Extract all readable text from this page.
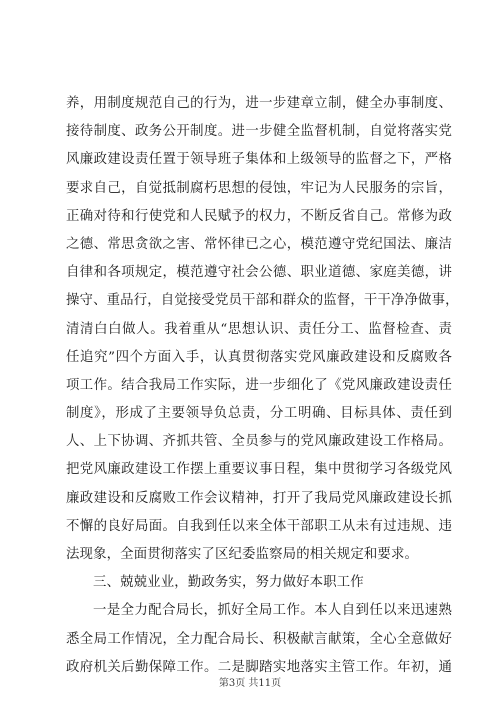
养，用制度规范自己的行为，进一步建章立制，健全办事制度、
接待制度、政务公开制度。进一步健全监督机制，自觉将落实党
风廉政建设责任置于领导班子集体和上级领导的监督之下，严格
要求自己，自觉抵制腐朽思想的侵蚀，牢记为人民服务的宗旨，
正确对待和行使党和人民赋予的权力，不断反省自己。常修为政
之德、常思贪欲之害、常怀律已之心，模范遵守党纪国法、廉洁
自律和各项规定，模范遵守社会公德、职业道德、家庭美德，讲
操守、重品行，自觉接受党员干部和群众的监督，干干净净做事，
清清白白做人。我着重从“思想认识、责任分工、监督检查、责
任追究”四个方面入手，认真贯彻落实党风廉政建设和反腐败各
项工作。结合我局工作实际，进一步细化了《党风廉政建设责任
制度》，形成了主要领导负总责，分工明确、目标具体、责任到
人、上下协调、齐抓共管、全员参与的党风廉政建设工作格局。
把党风廉政建设工作摆上重要议事日程，集中贯彻学习各级党风
廉政建设和反腐败工作会议精神，打开了我局党风廉政建设长抓
不懈的良好局面。自我到任以来全体干部职工从未有过违规、违
法现象，全面贯彻落实了区纪委监察局的相关规定和要求。
三、兢兢业业，勤政务实，努力做好本职工作
一是全力配合局长，抓好全局工作。本人自到任以来迅速熟
悉全局工作情况，全力配合局长、积极献言献策，全心全意做好
政府机关后勤保障工作。二是脚踏实地落实主管工作。年初，通
第3页 共11页
